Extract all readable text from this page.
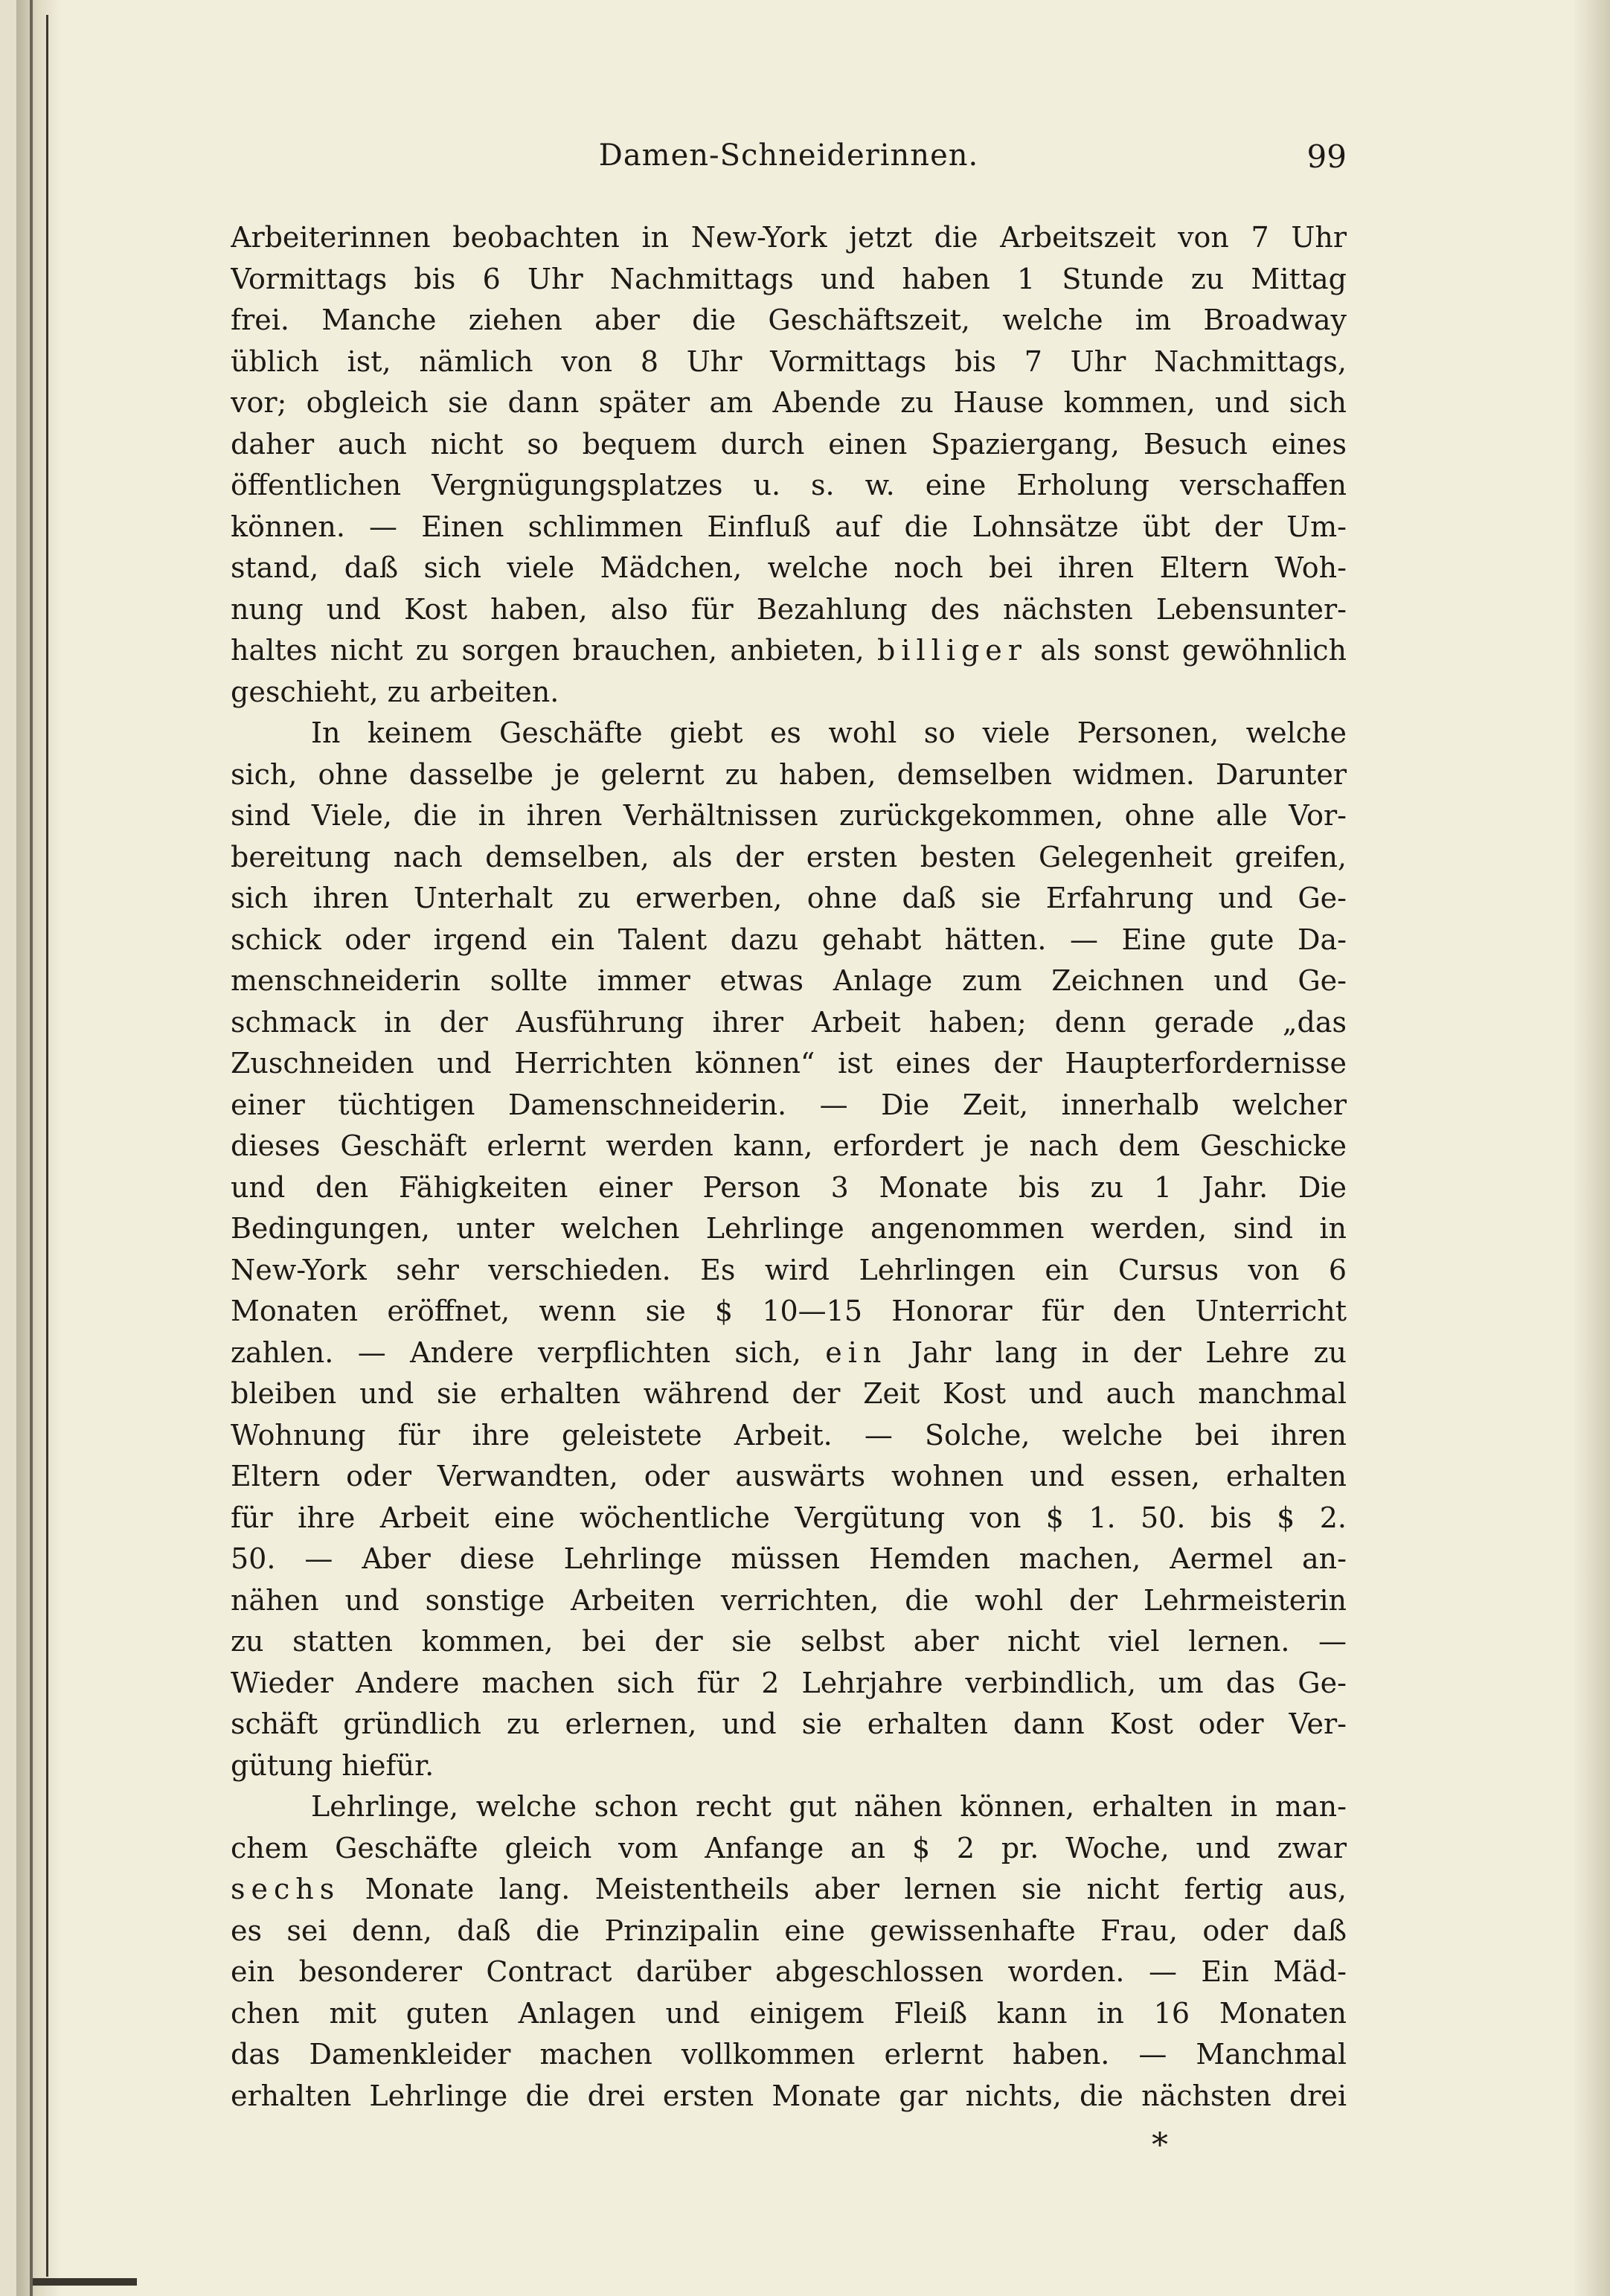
Damen-Schneiderinnen.	99
Arbeiterinnen beobachten in New-York jetzt die Arbeitszeit von 7 Uhr
Vormittags bis 6 Uhr Nachmittags und haben 1 Stunde zu Mittag
frei. Manche ziehen aber die Geschäftszeit, welche im Broadway
üblich ist, nämlich von 8 Uhr Vormittags bis 7 Uhr Nachmittags,
vor; obgleich sie dann später am Abende zu Hause kommen, und sich
daher auch nicht so bequem durch einen Spaziergang, Besuch eines
öffentlichen Vergnügungsplatzes u. s. w. eine Erholung verschaffen
können. — Einen schlimmen Einfluß auf die Lohnsätze übt der Um-
stand, daß sich viele Mädchen, welche noch bei ihren Eltern Woh-
nung und Kost haben, also für Bezahlung des nächsten Lebensunter-
haltes nicht zu sorgen brauchen, anbieten, billiger als sonst gewöhnlich
geschieht, zu arbeiten.
In keinem Geschäfte giebt es wohl so viele Personen, welche
sich, ohne dasselbe je gelernt zu haben, demselben widmen. Darunter
sind Viele, die in ihren Verhältnissen zurückgekommen, ohne alle Vor-
bereitung nach demselben, als der ersten besten Gelegenheit greifen,
sich ihren Unterhalt zu erwerben, ohne daß sie Erfahrung und Ge-
schick oder irgend ein Talent dazu gehabt hätten. — Eine gute Da-
menschneiderin sollte immer etwas Anlage zum Zeichnen und Ge-
schmack in der Ausführung ihrer Arbeit haben; denn gerade „das
Zuschneiden und Herrichten können“ ist eines der Haupterfordernisse
einer tüchtigen Damenschneiderin. — Die Zeit, innerhalb welcher
dieses Geschäft erlernt werden kann, erfordert je nach dem Geschicke
und den Fähigkeiten einer Person 3 Monate bis zu 1 Jahr. Die
Bedingungen, unter welchen Lehrlinge angenommen werden, sind in
New-York sehr verschieden. Es wird Lehrlingen ein Cursus von 6
Monaten eröffnet, wenn sie $ 10—15 Honorar für den Unterricht
zahlen. — Andere verpflichten sich, ein Jahr lang in der Lehre zu
bleiben und sie erhalten während der Zeit Kost und auch manchmal
Wohnung für ihre geleistete Arbeit. — Solche, welche bei ihren
Eltern oder Verwandten, oder auswärts wohnen und essen, erhalten
für ihre Arbeit eine wöchentliche Vergütung von $ 1. 50. bis $ 2.
50. — Aber diese Lehrlinge müssen Hemden machen, Aermel an-
nähen und sonstige Arbeiten verrichten, die wohl der Lehrmeisterin
zu statten kommen, bei der sie selbst aber nicht viel lernen. —
Wieder Andere machen sich für 2 Lehrjahre verbindlich, um das Ge-
schäft gründlich zu erlernen, und sie erhalten dann Kost oder Ver-
gütung hiefür.
Lehrlinge, welche schon recht gut nähen können, erhalten in man-
chem Geschäfte gleich vom Anfange an $ 2 pr. Woche, und zwar
sechs Monate lang. Meistentheils aber lernen sie nicht fertig aus,
es sei denn, daß die Prinzipalin eine gewissenhafte Frau, oder daß
ein besonderer Contract darüber abgeschlossen worden. — Ein Mäd-
chen mit guten Anlagen und einigem Fleiß kann in 16 Monaten
das Damenkleider machen vollkommen erlernt haben. — Manchmal
erhalten Lehrlinge die drei ersten Monate gar nichts, die nächsten drei
*
